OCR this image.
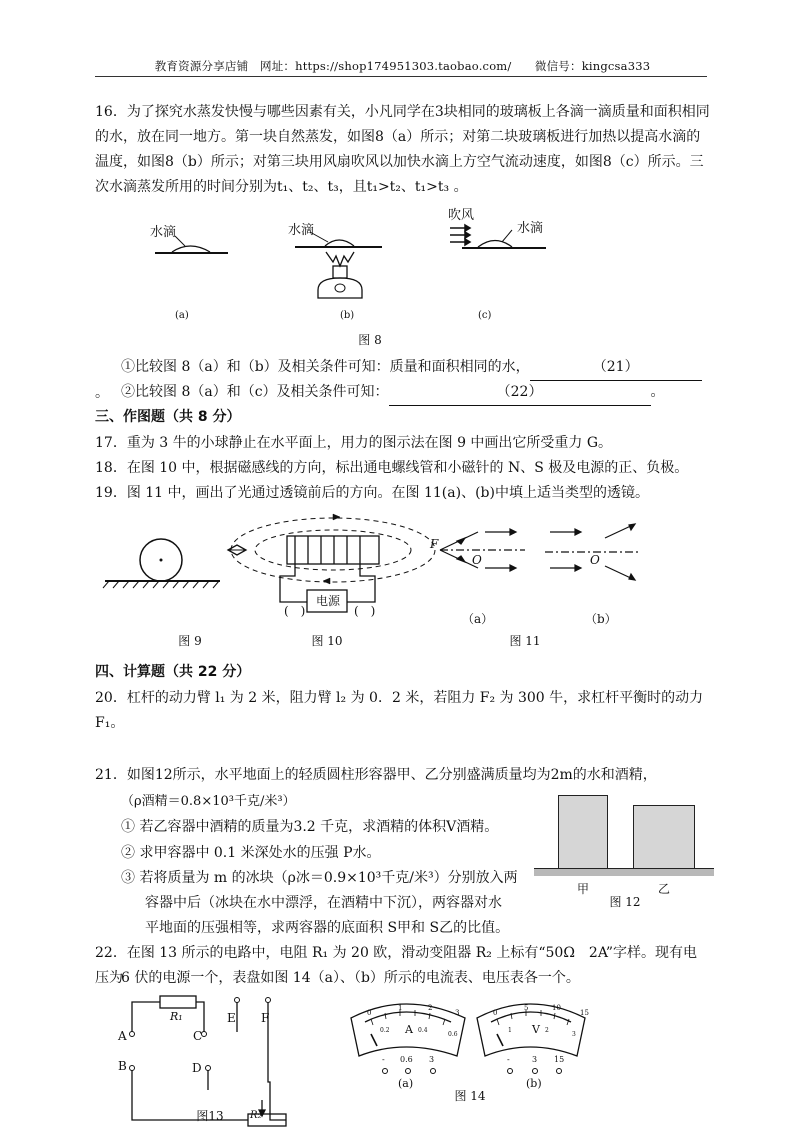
教育资源分享店铺　网址：https://shop174951303.taobao.com/　　微信号：kingcsa333
16．为了探究水蒸发快慢与哪些因素有关，小凡同学在3块相同的玻璃板上各滴一滴质量和面积相同的水，放在同一地方。第一块自然蒸发，如图8（a）所示；对第二块玻璃板进行加热以提高水滴的温度，如图8（b）所示；对第三块用风扇吹风以加快水滴上方空气流动速度，如图8（c）所示。三次水滴蒸发所用的时间分别为t₁、t₂、t₃，且t₁>t₂、t₁>t₃ 。
水滴	水滴	水滴
吹风
(a)	(b)	(c)
图 8
①比较图 8（a）和（b）及相关条件可知：质量和面积相同的水，	（21）。 ②比较图 8（a）和（c）及相关条件可知：	（22）	。
三、作图题（共 8 分）
17．重为 3 牛的小球静止在水平面上，用力的图示法在图 9 中画出它所受重力 G。
18．在图 10 中，根据磁感线的方向，标出通电螺线管和小磁针的 N、S 极及电源的正、负极。
19．图 11 中，画出了光通过透镜前后的方向。在图 11(a)、(b)中填上适当类型的透镜。
F
O	O
电源
(　)	(　)
（a）	（b）
图 9	图 10	图 11
四、计算题（共 22 分）
20．杠杆的动力臂 l₁ 为 2 米，阻力臂 l₂ 为 0．2 米，若阻力 F₂ 为 300 牛，求杠杆平衡时的动力 F₁。
21．如图12所示，水平地面上的轻质圆柱形容器甲、乙分别盛满质量均为2m的水和酒精，
（ρ酒精＝0.8×10³千克/米³）
① 若乙容器中酒精的质量为3.2 千克，求酒精的体积V酒精。
② 求甲容器中 0.1 米深处水的压强 P水。
③ 若将质量为 m 的冰块（ρ冰＝0.9×10³千克/米³）分别放入两
容器中后（冰块在水中漂浮，在酒精中下沉），两容器对水
平地面的压强相等，求两容器的底面积 S甲和 S乙的比值。
甲	乙
图 12
22．在图 13 所示的电路中，电阻 R₁ 为 20 欧，滑动变阻器 R₂ 上标有“50Ω　2A”字样。现有电压为
6 伏的电源一个，表盘如图 14（a）、（b）所示的电流表、电压表各一个。
R₁
R₂
A
B
C
D
E F
图13
A	V
0
1	2
3
0.2	0.4
0.6
0
5	10
15
1	2
3
- 0.6 3	-	3 15
(a)	(b)
图 14
